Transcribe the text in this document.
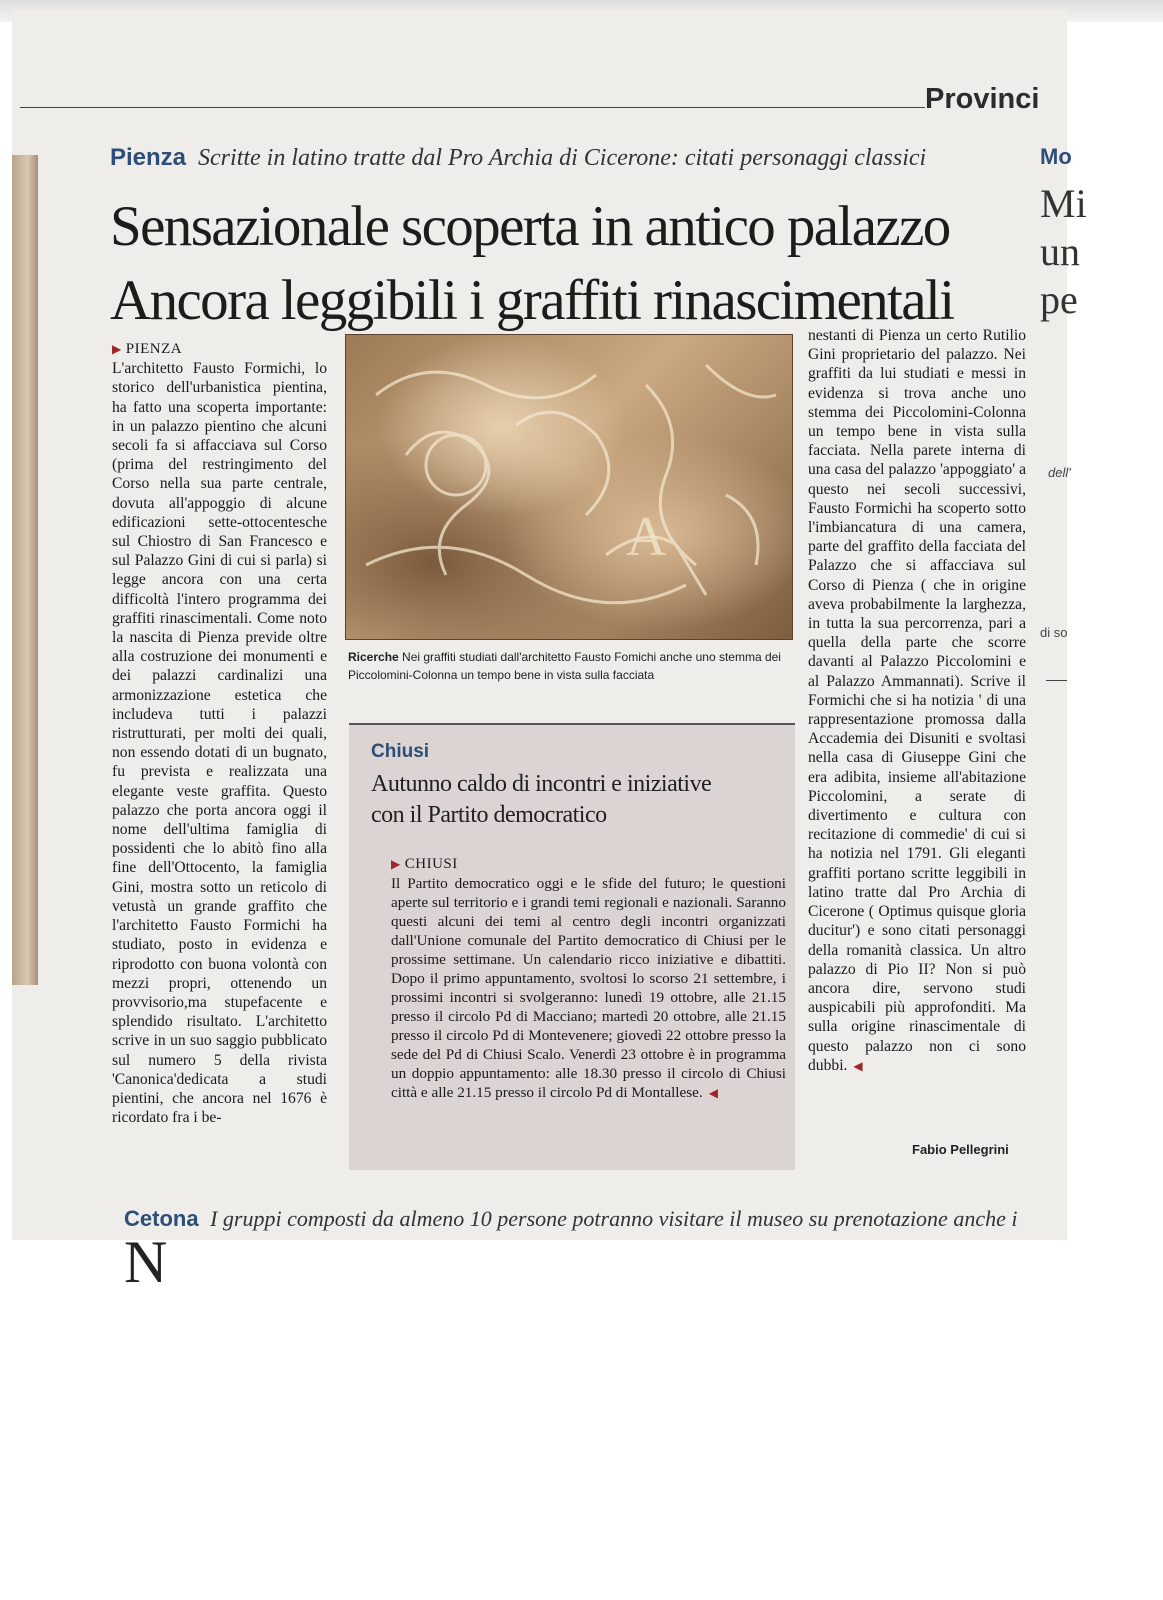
Provinci
Pienza Scritte in latino tratte dal Pro Archia di Cicerone: citati personaggi classici
Sensazionale scoperta in antico palazzo
Ancora leggibili i graffiti rinascimentali
▶ PIENZA
L'architetto Fausto Formichi, lo storico dell'urbanistica pientina, ha fatto una scoperta importante: in un palazzo pientino che alcuni secoli fa si affacciava sul Corso (prima del restringimento del Corso nella sua parte centrale, dovuta all'appoggio di alcune edificazioni sette-ottocentesche sul Chiostro di San Francesco e sul Palazzo Gini di cui si parla) si legge ancora con una certa difficoltà l'intero programma dei graffiti rinascimentali. Come noto la nascita di Pienza previde oltre alla costruzione dei monumenti e dei palazzi cardinalizi una armonizzazione estetica che includeva tutti i palazzi ristrutturati, per molti dei quali, non essendo dotati di un bugnato, fu prevista e realizzata una elegante veste graffita. Questo palazzo che porta ancora oggi il nome dell'ultima famiglia di possidenti che lo abitò fino alla fine dell'Ottocento, la famiglia Gini, mostra sotto un reticolo di vetustà un grande graffito che l'architetto Fausto Formichi ha studiato, posto in evidenza e riprodotto con buona volontà con mezzi propri, ottenendo un provvisorio,ma stupefacente e splendido risultato. L'architetto scrive in un suo saggio pubblicato sul numero 5 della rivista 'Canonica'dedicata a studi pientini, che ancora nel 1676 è ricordato fra i be-
A
Ricerche Nei graffiti studiati dall'architetto Fausto Fomichi anche uno stemma dei Piccolomini-Colonna un tempo bene in vista sulla facciata
Chiusi
Autunno caldo di incontri e iniziative
con il Partito democratico
▶ CHIUSI
Il Partito democratico oggi e le sfide del futuro; le questioni aperte sul territorio e i grandi temi regionali e nazionali. Saranno questi alcuni dei temi al centro degli incontri organizzati dall'Unione comunale del Partito democratico di Chiusi per le prossime settimane. Un calendario ricco iniziative e dibattiti. Dopo il primo appuntamento, svoltosi lo scorso 21 settembre, i prossimi incontri si svolgeranno: lunedì 19 ottobre, alle 21.15 presso il circolo Pd di Macciano; martedì 20 ottobre, alle 21.15 presso il circolo Pd di Montevenere; giovedì 22 ottobre presso la sede del Pd di Chiusi Scalo. Venerdì 23 ottobre è in programma un doppio appuntamento: alle 18.30 presso il circolo di Chiusi città e alle 21.15 presso il circolo Pd di Montallese. ◀
nestanti di Pienza un certo Rutilio Gini proprietario del palazzo. Nei graffiti da lui studiati e messi in evidenza si trova anche uno stemma dei Piccolomini-Colonna un tempo bene in vista sulla facciata. Nella parete interna di una casa del palazzo 'appoggiato' a questo nei secoli successivi, Fausto Formichi ha scoperto sotto l'imbiancatura di una camera, parte del graffito della facciata del Palazzo che si affacciava sul Corso di Pienza ( che in origine aveva probabilmente la larghezza, in tutta la sua percorrenza, pari a quella della parte che scorre davanti al Palazzo Piccolomini e al Palazzo Ammannati). Scrive il Formichi che si ha notizia ' di una rappresentazione promossa dalla Accademia dei Disuniti e svoltasi nella casa di Giuseppe Gini che era adibita, insieme all'abitazione Piccolomini, a serate di divertimento e cultura con recitazione di commedie' di cui si ha notizia nel 1791. Gli eleganti graffiti portano scritte leggibili in latino tratte dal Pro Archia di Cicerone ( Optimus quisque gloria ducitur') e sono citati personaggi della romanità classica. Un altro palazzo di Pio II? Non si può ancora dire, servono studi auspicabili più approfonditi. Ma sulla origine rinascimentale di questo palazzo non ci sono dubbi. ◀
Fabio Pellegrini
Cetona I gruppi composti da almeno 10 persone potranno visitare il museo su prenotazione anche i
N
Mo
Mi
un
pe
dell'
di so
